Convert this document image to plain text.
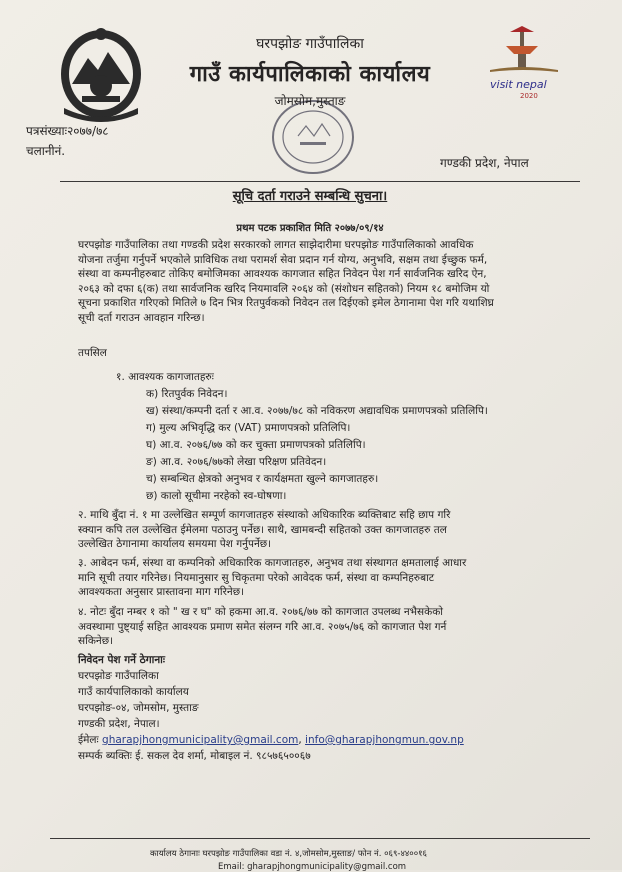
visit nepal
2020
घरपझोङ गाउँपालिका
गाउँ कार्यपालिकाको कार्यालय
जोमसोम,मुस्ताङ
पत्रसंख्याः२०७७/७८
चलानीनं.
गण्डकी प्रदेश, नेपाल
सूचि दर्ता गराउने सम्बन्धि सुचना।
प्रथम पटक प्रकाशित मिति २०७७/०९/१४
घरपझोङ गाउँपालिका तथा गण्डकी प्रदेश सरकारको लागत साझेदारीमा घरपझोङ गाउँपालिकाको आवधिक
योजना तर्जुमा गर्नुपर्ने भएकोले प्राविधिक तथा परामर्श सेवा प्रदान गर्न योग्य, अनुभवि, सक्षम तथा ईच्छुक फर्म,
संस्था वा कम्पनीहरुबाट तोकिए बमोजिमका आवश्यक कागजात सहित निवेदन पेश गर्न सार्वजनिक खरिद ऐन,
२०६३ को दफा ६(क) तथा सार्वजनिक खरिद नियमावलि २०६४ को (संशोधन सहितको) नियम १८ बमोजिम यो
सूचना प्रकाशित गरिएको मितिले ७ दिन भित्र रितपुर्वकको निवेदन तल दिईएको इमेल ठेगानामा पेश गरि यथाशिघ्र
सूची दर्ता गराउन आवहान गरिन्छ।
तपसिल
१. आवश्यक कागजातहरुः
क) रितपुर्वक निवेदन।
ख) संस्था/कम्पनी दर्ता र आ.व. २०७७/७८ को नविकरण अद्यावधिक प्रमाणपत्रको प्रतिलिपि।
ग) मुल्य अभिवृद्धि कर (VAT) प्रमाणपत्रको प्रतिलिपि।
घ) आ.व. २०७६/७७ को कर चुक्ता प्रमाणपत्रको प्रतिलिपि।
ङ) आ.व. २०७६/७७को लेखा परिक्षण प्रतिवेदन।
च) सम्बन्धित क्षेत्रको अनुभव र कार्यक्षमता खुल्ने कागजातहरु।
छ) कालो सूचीमा नरहेको स्व-घोषणा।
२. माथि बुँदा नं. १ मा उल्लेखित सम्पूर्ण कागजातहरु संस्थाको अधिकारिक ब्यक्तिबाट सहि छाप गरि
स्क्यान कपि तल उल्लेखित ईमेलमा पठाउनु पर्नेछ। साथै, खामबन्दी सहितको उक्त कागजातहरु तल
उल्लेखित ठेगानामा कार्यालय समयमा पेश गर्नुपर्नेछ।
३. आबेदन फर्म, संस्था वा कम्पनिको अधिकारिक कागजातहरु, अनुभव तथा संस्थागत क्षमतालाई आधार
मानि सूची तयार गरिनेछ। नियमानुसार सु चिकृतमा परेको आवेदक फर्म, संस्था वा कम्पनिहरुबाट
आवश्यकता अनुसार प्रास्तावना माग गरिनेछ।
४. नोटः बुँदा नम्बर १ को " ख र घ" को हकमा आ.व. २०७६/७७ को कागजात उपलब्ध नभैसकेको
अवस्थामा पुष्ट्याई सहित आवश्यक प्रमाण समेत संलग्न गरि आ.व. २०७५/७६ को कागजात पेश गर्न
सकिनेछ।
निवेदन पेश गर्ने ठेगानाः
घरपझोङ गाउँपालिका
गाउँ कार्यपालिकाको कार्यालय
घरपझोङ-०४, जोमसोम, मुस्ताङ
गण्डकी प्रदेश, नेपाल।
ईमेलः gharapjhongmunicipality@gmail.com, info@gharapjhongmun.gov.np
सम्पर्क ब्यक्तिः ई. सकल देव शर्मा, मोबाइल नं. ९८५७६५००६७
कार्यालय ठेगानाः घरपझोङ गाउँपालिका वडा नं. ४,जोमसोम,मुस्ताङ/ फोन नं. ०६९-४४००१६
Email: gharapjhongmunicipality@gmail.com
